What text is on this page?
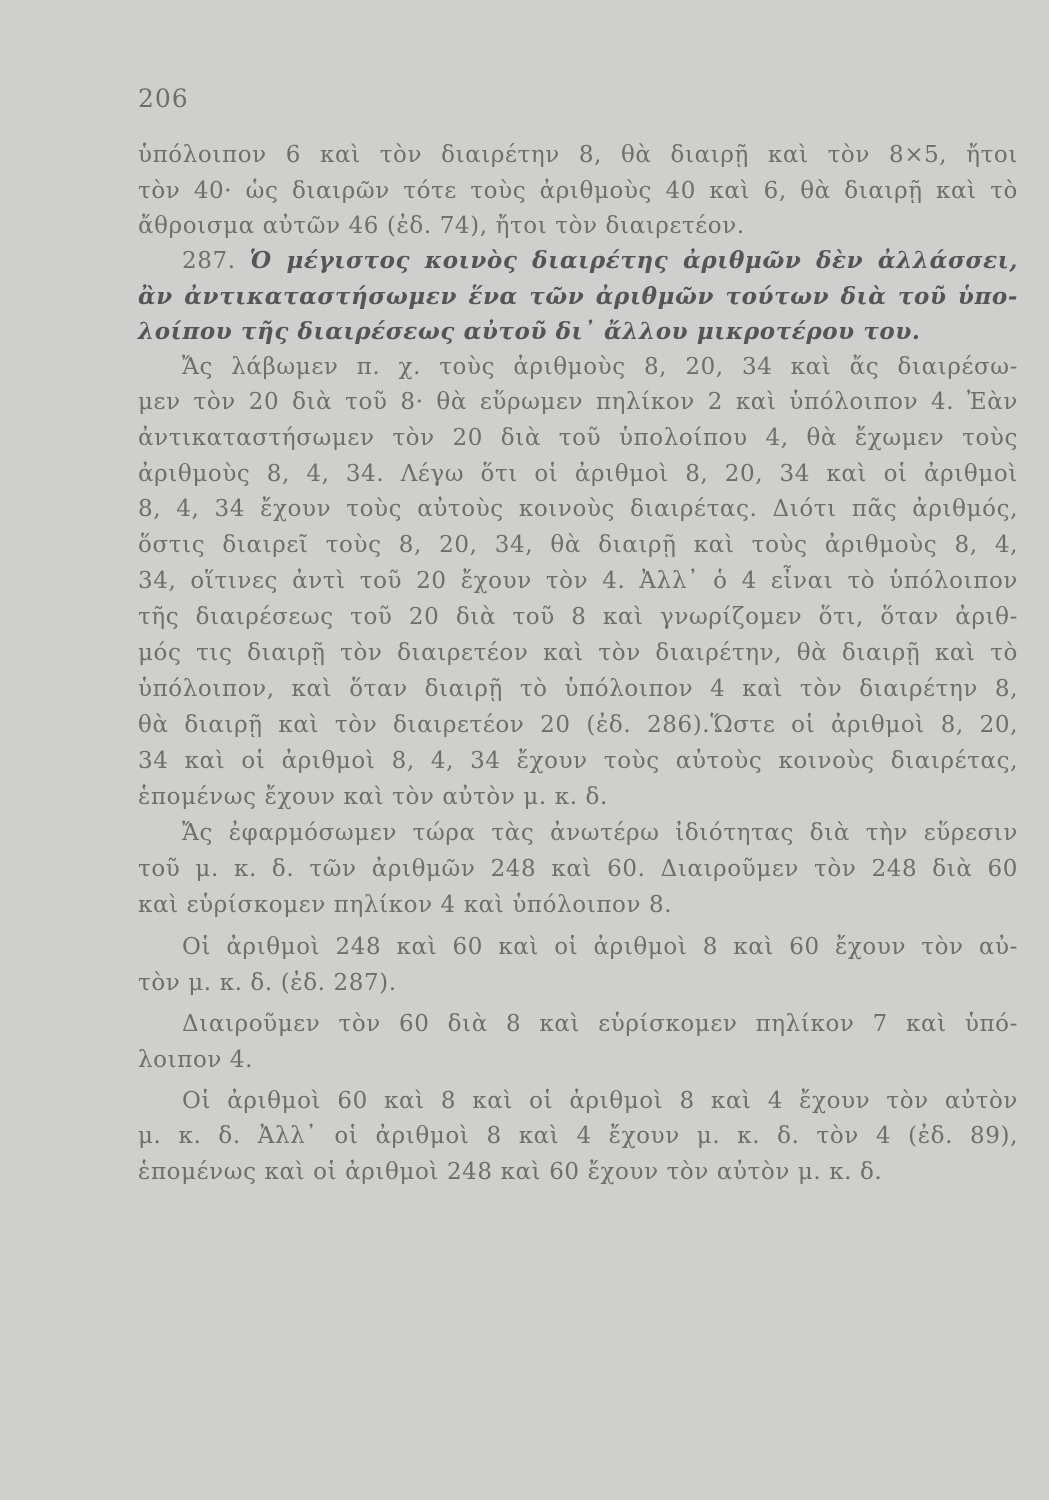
206
ὑπόλοιπον 6 καὶ τὸν διαιρέτην 8, θὰ διαιρῇ καὶ τὸν 8×5, ἤτοι
τὸν 40· ὡς διαιρῶν τότε τοὺς ἀριθμοὺς 40 καὶ 6, θὰ διαιρῇ καὶ τὸ
ἄθροισμα αὐτῶν 46 (ἐδ. 74), ἤτοι τὸν διαιρετέον.
287. Ὁ μέγιστος κοινὸς διαιρέτης ἀριθμῶν δὲν ἀλλάσσει,
ἂν ἀντικαταστήσωμεν ἕνα τῶν ἀριθμῶν τούτων διὰ τοῦ ὑπο-
λοίπου τῆς διαιρέσεως αὐτοῦ δι᾿ ἄλλου μικροτέρου του.
Ἄς λάβωμεν π. χ. τοὺς ἀριθμοὺς 8, 20, 34 καὶ ἄς διαιρέσω-
μεν τὸν 20 διὰ τοῦ 8· θὰ εὕρωμεν πηλίκον 2 καὶ ὑπόλοιπον 4. Ἐὰν
ἀντικαταστήσωμεν τὸν 20 διὰ τοῦ ὑπολοίπου 4, θὰ ἔχωμεν τοὺς
ἀριθμοὺς 8, 4, 34. Λέγω ὅτι οἱ ἀριθμοὶ 8, 20, 34 καὶ οἱ ἀριθμοὶ
8, 4, 34 ἔχουν τοὺς αὐτοὺς κοινοὺς διαιρέτας. Διότι πᾶς ἀριθμός,
ὅστις διαιρεῖ τοὺς 8, 20, 34, θὰ διαιρῇ καὶ τοὺς ἀριθμοὺς 8, 4,
34, οἵτινες ἀντὶ τοῦ 20 ἔχουν τὸν 4. Ἀλλ᾿ ὁ 4 εἶναι τὸ ὑπόλοιπον
τῆς διαιρέσεως τοῦ 20 διὰ τοῦ 8 καὶ γνωρίζομεν ὅτι, ὅταν ἀριθ-
μός τις διαιρῇ τὸν διαιρετέον καὶ τὸν διαιρέτην, θὰ διαιρῇ καὶ τὸ
ὑπόλοιπον, καὶ ὅταν διαιρῇ τὸ ὑπόλοιπον 4 καὶ τὸν διαιρέτην 8,
θὰ διαιρῇ καὶ τὸν διαιρετέον 20 (ἐδ. 286).Ὥστε οἱ ἀριθμοὶ 8, 20,
34 καὶ οἱ ἀριθμοὶ 8, 4, 34 ἔχουν τοὺς αὐτοὺς κοινοὺς διαιρέτας,
ἑπομένως ἔχουν καὶ τὸν αὐτὸν μ. κ. δ.
Ἄς ἐφαρμόσωμεν τώρα τὰς ἀνωτέρω ἰδιότητας διὰ τὴν εὕρεσιν
τοῦ μ. κ. δ. τῶν ἀριθμῶν 248 καὶ 60. Διαιροῦμεν τὸν 248 διὰ 60
καὶ εὑρίσκομεν πηλίκον 4 καὶ ὑπόλοιπον 8.
Οἱ ἀριθμοὶ 248 καὶ 60 καὶ οἱ ἀριθμοὶ 8 καὶ 60 ἔχουν τὸν αὐ-
τὸν μ. κ. δ. (ἐδ. 287).
Διαιροῦμεν τὸν 60 διὰ 8 καὶ εὑρίσκομεν πηλίκον 7 καὶ ὑπό-
λοιπον 4.
Οἱ ἀριθμοὶ 60 καὶ 8 καὶ οἱ ἀριθμοὶ 8 καὶ 4 ἔχουν τὸν αὐτὸν
μ. κ. δ. Ἀλλ᾿ οἱ ἀριθμοὶ 8 καὶ 4 ἔχουν μ. κ. δ. τὸν 4 (ἐδ. 89),
ἑπομένως καὶ οἱ ἀριθμοὶ 248 καὶ 60 ἔχουν τὸν αὐτὸν μ. κ. δ.
